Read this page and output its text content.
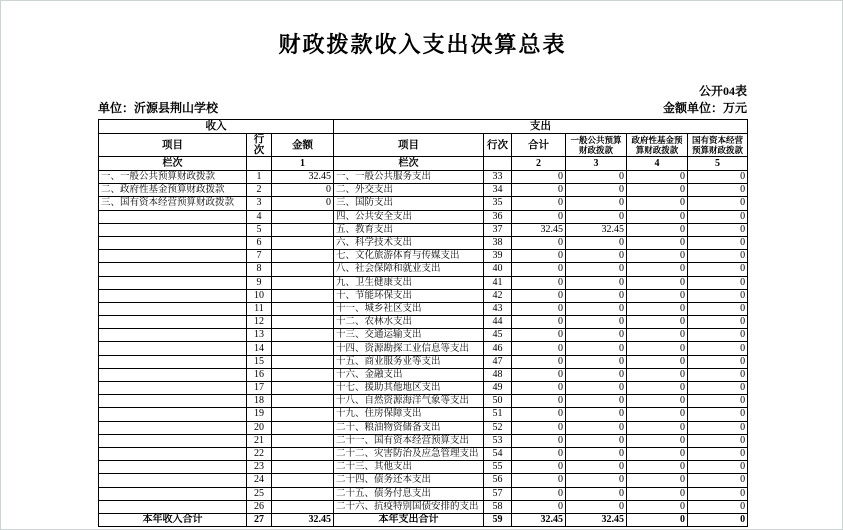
财政拨款收入支出决算总表
公开04表
单位：沂源县荆山学校	金额单位：万元
收入			支出					
项目	行次	金额	项目	行次	合计	一般公共预算财政拨款	政府性基金预算财政拨款	国有资本经营预算财政拨款
栏次		1	栏次		2	3	4	5
一、一般公共预算财政拨款	1	32.45	一、一般公共服务支出	33	0	0	0	0
二、政府性基金预算财政拨款	2	0	二、外交支出	34	0	0	0	0
三、国有资本经营预算财政拨款	3	0	三、国防支出	35	0	0	0	0
	4		四、公共安全支出	36	0	0	0	0
	5		五、教育支出	37	32.45	32.45	0	0
	6		六、科学技术支出	38	0	0	0	0
	7		七、文化旅游体育与传媒支出	39	0	0	0	0
	8		八、社会保障和就业支出	40	0	0	0	0
	9		九、卫生健康支出	41	0	0	0	0
	10		十、节能环保支出	42	0	0	0	0
	11		十一、城乡社区支出	43	0	0	0	0
	12		十二、农林水支出	44	0	0	0	0
	13		十三、交通运输支出	45	0	0	0	0
	14		十四、资源勘探工业信息等支出	46	0	0	0	0
	15		十五、商业服务业等支出	47	0	0	0	0
	16		十六、金融支出	48	0	0	0	0
	17		十七、援助其他地区支出	49	0	0	0	0
	18		十八、自然资源海洋气象等支出	50	0	0	0	0
	19		十九、住房保障支出	51	0	0	0	0
	20		二十、粮油物资储备支出	52	0	0	0	0
	21		二十一、国有资本经营预算支出	53	0	0	0	0
	22		二十二、灾害防治及应急管理支出	54	0	0	0	0
	23		二十三、其他支出	55	0	0	0	0
	24		二十四、债务还本支出	56	0	0	0	0
	25		二十五、债务付息支出	57	0	0	0	0
	26		二十六、抗疫特别国债安排的支出	58	0	0	0	0
本年收入合计	27	32.45	本年支出合计	59	32.45	32.45	0	0
